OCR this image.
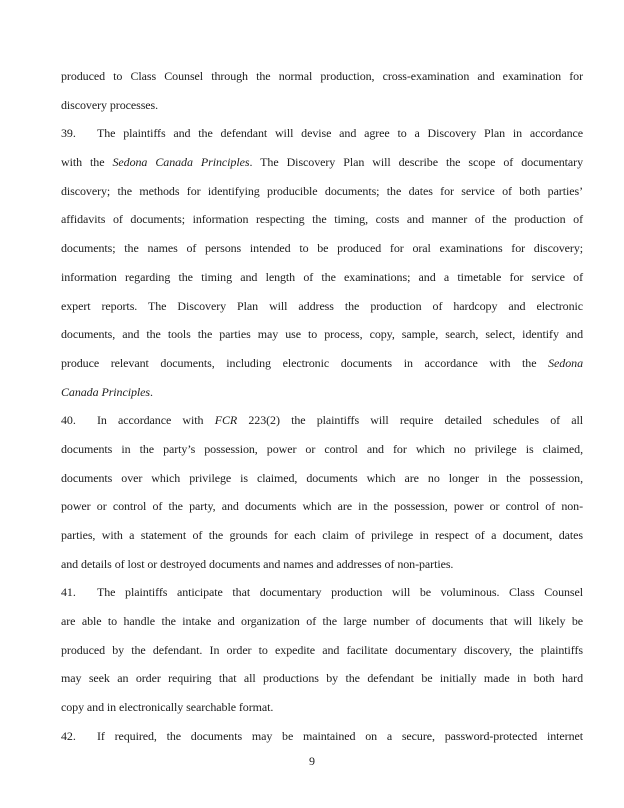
produced to Class Counsel through the normal production, cross-examination and examination for
discovery processes.
39. The plaintiffs and the defendant will devise and agree to a Discovery Plan in accordance
with the Sedona Canada Principles. The Discovery Plan will describe the scope of documentary
discovery; the methods for identifying producible documents; the dates for service of both parties’
affidavits of documents; information respecting the timing, costs and manner of the production of
documents; the names of persons intended to be produced for oral examinations for discovery;
information regarding the timing and length of the examinations; and a timetable for service of
expert reports. The Discovery Plan will address the production of hardcopy and electronic
documents, and the tools the parties may use to process, copy, sample, search, select, identify and
produce relevant documents, including electronic documents in accordance with the Sedona
Canada Principles.
40. In accordance with FCR 223(2) the plaintiffs will require detailed schedules of all
documents in the party’s possession, power or control and for which no privilege is claimed,
documents over which privilege is claimed, documents which are no longer in the possession,
power or control of the party, and documents which are in the possession, power or control of non-
parties, with a statement of the grounds for each claim of privilege in respect of a document, dates
and details of lost or destroyed documents and names and addresses of non-parties.
41. The plaintiffs anticipate that documentary production will be voluminous. Class Counsel
are able to handle the intake and organization of the large number of documents that will likely be
produced by the defendant. In order to expedite and facilitate documentary discovery, the plaintiffs
may seek an order requiring that all productions by the defendant be initially made in both hard
copy and in electronically searchable format.
42. If required, the documents may be maintained on a secure, password-protected internet
9
